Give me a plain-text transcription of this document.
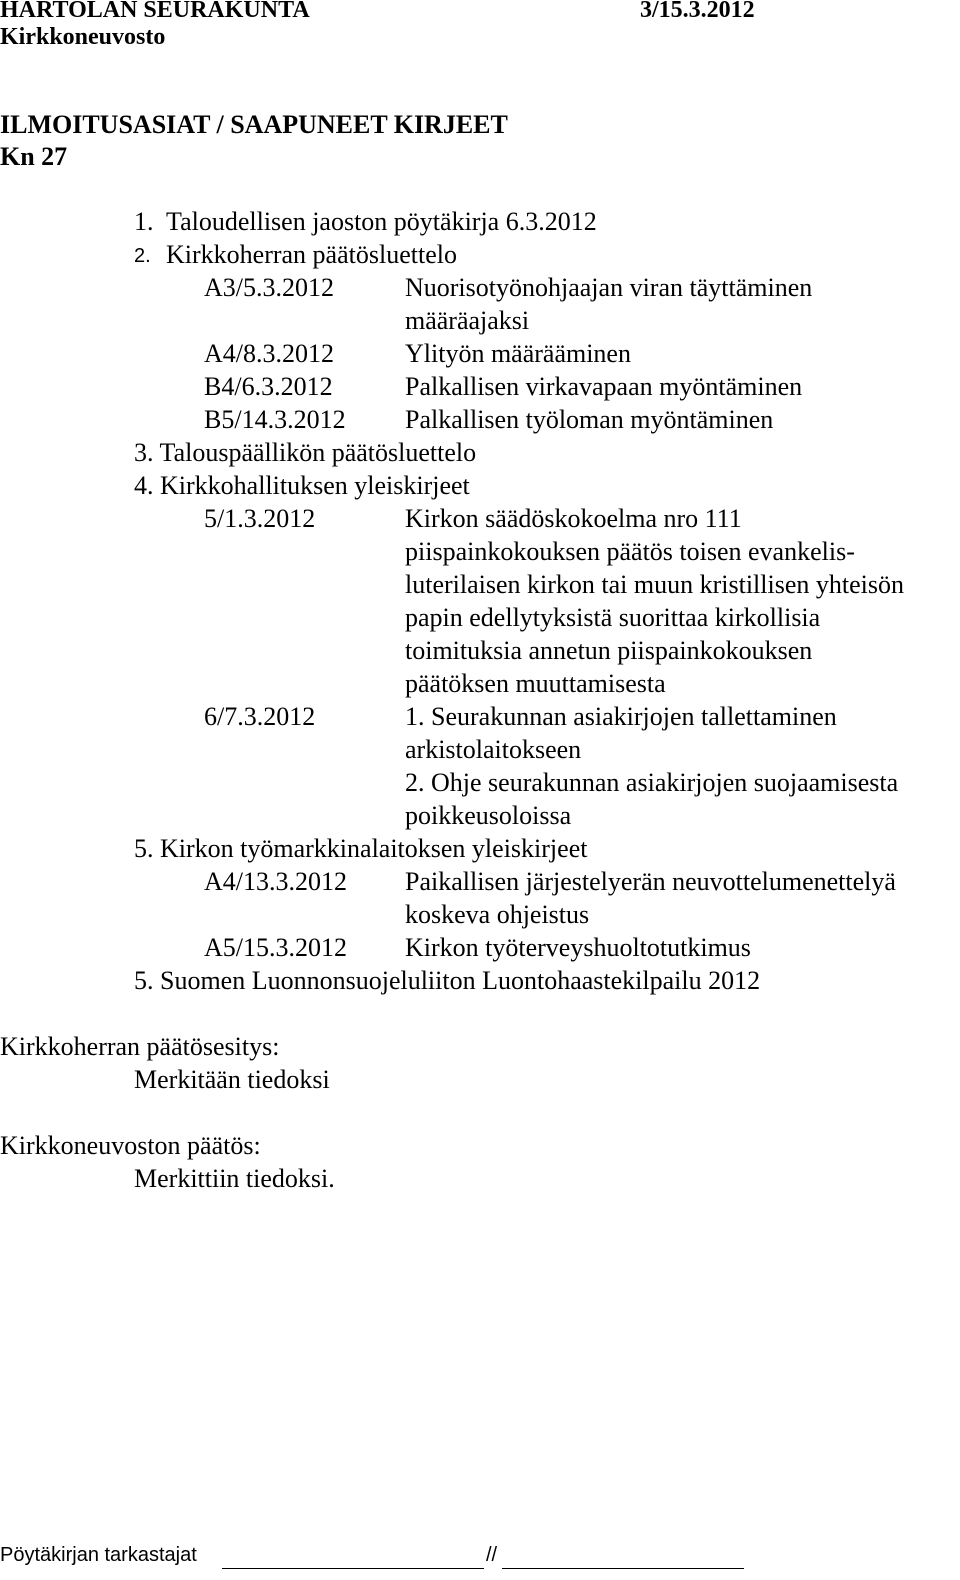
HARTOLAN SEURAKUNTA	3/15.3.2012
Kirkkoneuvosto
ILMOITUSASIAT / SAAPUNEET KIRJEET
Kn 27
1. Taloudellisen jaoston pöytäkirja 6.3.2012
2. Kirkkoherran päätösluettelo
A3/5.3.2012	Nuorisotyönohjaajan viran täyttäminen
määräajaksi
A4/8.3.2012	Ylityön määrääminen
B4/6.3.2012	Palkallisen virkavapaan myöntäminen
B5/14.3.2012 Palkallisen työloman myöntäminen
3. Talouspäällikön päätösluettelo
4. Kirkkohallituksen yleiskirjeet
5/1.3.2012	Kirkon säädöskokoelma nro 111
piispainkokouksen päätös toisen evankelis-
luterilaisen kirkon tai muun kristillisen yhteisön
papin edellytyksistä suorittaa kirkollisia
toimituksia annetun piispainkokouksen
päätöksen muuttamisesta
6/7.3.2012	1. Seurakunnan asiakirjojen tallettaminen
arkistolaitokseen
2. Ohje seurakunnan asiakirjojen suojaamisesta
poikkeusoloissa
5. Kirkon työmarkkinalaitoksen yleiskirjeet
A4/13.3.2012 Paikallisen järjestelyerän neuvottelumenettelyä
koskeva ohjeistus
A5/15.3.2012 Kirkon työterveyshuoltotutkimus
5. Suomen Luonnonsuojeluliiton Luontohaastekilpailu 2012
Kirkkoherran päätösesitys:
Merkitään tiedoksi
Kirkkoneuvoston päätös:
Merkittiin tiedoksi.
Pöytäkirjan tarkastajat	//
